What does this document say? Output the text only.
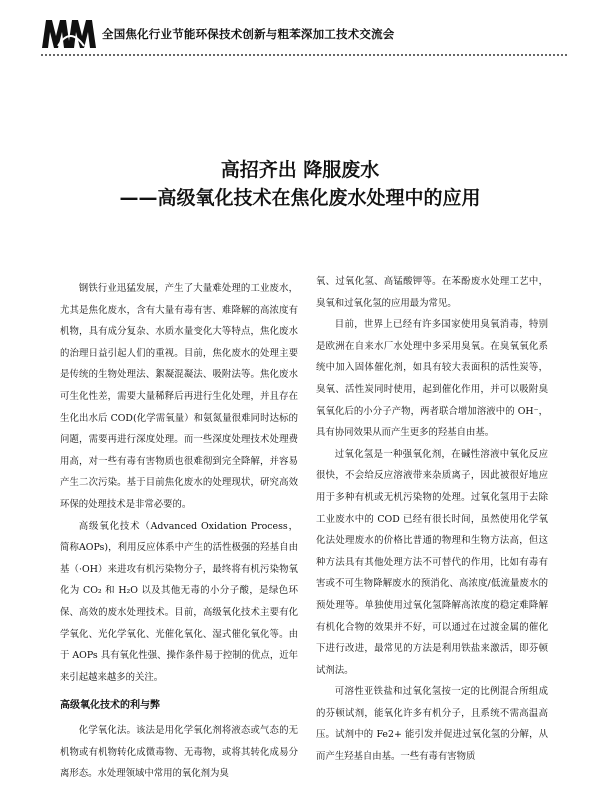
全国焦化行业节能环保技术创新与粗苯深加工技术交流会
高招齐出 降服废水
——高级氧化技术在焦化废水处理中的应用

钢铁行业迅猛发展，产生了大量难处理的工业废水，尤其是焦化废水，含有大量有毒有害、难降解的高浓度有机物，具有成分复杂、水质水量变化大等特点，焦化废水的治理日益引起人们的重视。目前，焦化废水的处理主要是传统的生物处理法、絮凝混凝法、吸附法等。焦化废水可生化性差，需要大量稀释后再进行生化处理，并且存在生化出水后 COD(化学需氧量）和氨氮量很难同时达标的问题，需要再进行深度处理。而一些深度处理技术处理费用高，对一些有毒有害物质也很难彻到完全降解，并容易产生二次污染。基于目前焦化废水的处理现状，研究高效环保的处理技术是非常必要的。

高级氧化技术（Advanced Oxidation Process，简称AOPs)，利用反应体系中产生的活性极强的羟基自由基（·OH）来进攻有机污染物分子，最终将有机污染物氧化为 CO₂ 和 H₂O 以及其他无毒的小分子酸，是绿色环保、高效的废水处理技术。目前，高级氧化技术主要有化学氧化、光化学氧化、光催化氧化、湿式催化氧化等。由于 AOPs 具有氧化性强、操作条件易于控制的优点，近年来引起越来越多的关注。

高级氧化技术的利与弊

化学氧化法。该法是用化学氧化剂将液态或气态的无机物或有机物转化成微毒物、无毒物，或将其转化成易分离形态。水处理领域中常用的氧化剂为臭

氧、过氧化氢、高锰酸钾等。在苯酚废水处理工艺中，臭氧和过氧化氢的应用最为常见。

目前，世界上已经有许多国家使用臭氧消毒，特别是欧洲在自来水厂水处理中多采用臭氧。在臭氧氧化系统中加入固体催化剂，如具有较大表面积的活性炭等，臭氧、活性炭同时使用，起到催化作用，并可以吸附臭氧氧化后的小分子产物，两者联合增加溶液中的 OH⁻，具有协同效果从而产生更多的羟基自由基。

过氧化氢是一种强氧化剂，在碱性溶液中氧化反应很快，不会给反应溶液带来杂质离子，因此被很好地应用于多种有机或无机污染物的处理。过氧化氢用于去除工业废水中的 COD 已经有很长时间，虽然使用化学氧化法处理废水的价格比普通的物理和生物方法高，但这种方法具有其他处理方法不可替代的作用，比如有毒有害或不可生物降解废水的预消化、高浓度/低流量废水的预处理等。单独使用过氧化氢降解高浓度的稳定难降解有机化合物的效果并不好，可以通过在过渡金属的催化下进行改进，最常见的方法是利用铁盐来激活，即芬顿试剂法。

可溶性亚铁盐和过氧化氢按一定的比例混合所组成的芬顿试剂，能氧化许多有机分子，且系统不需高温高压。试剂中的 Fe2+ 能引发并促进过氧化氢的分解，从而产生羟基自由基。一些有毒有害物质
